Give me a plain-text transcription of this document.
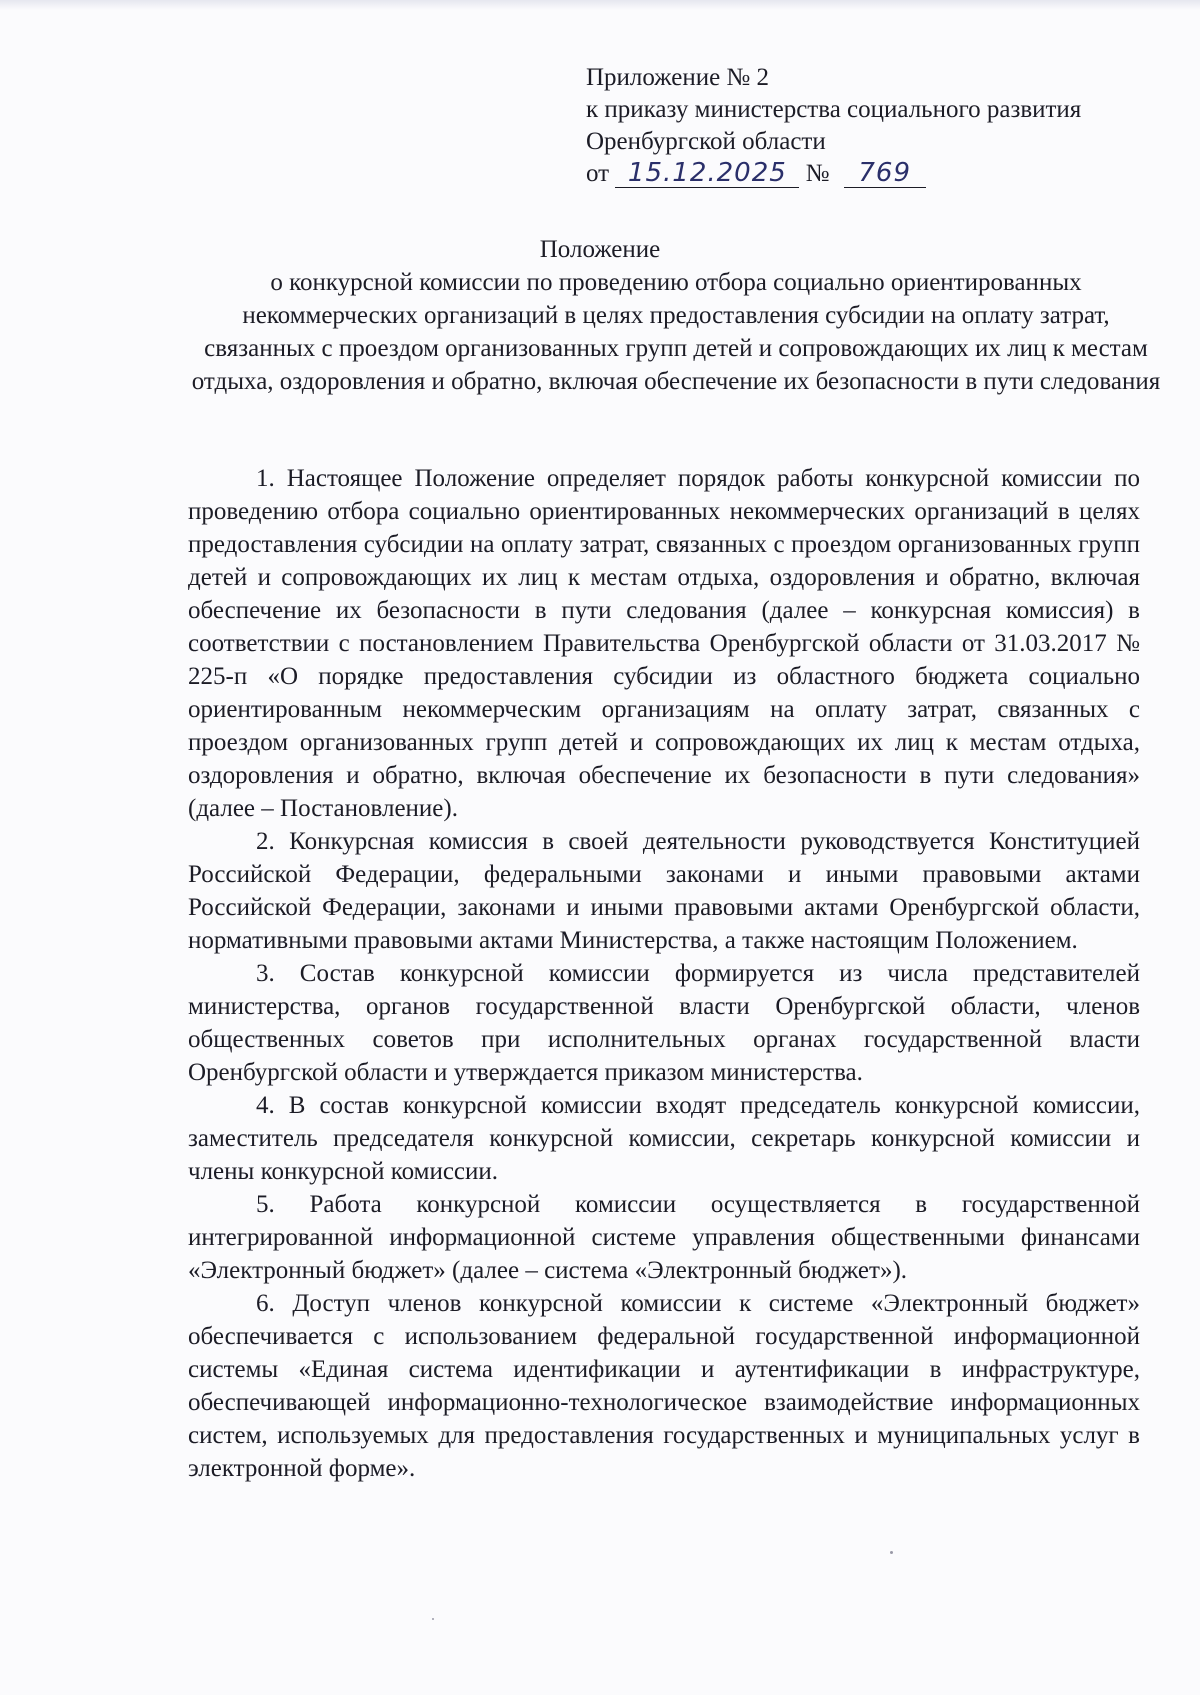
Приложение № 2
к приказу министерства социального развития
Оренбургской области
от 15.12.2025 № 769
Положение
о конкурсной комиссии по проведению отбора социально ориентированных некоммерческих организаций в целях предоставления субсидии на оплату затрат, связанных с проездом организованных групп детей и сопровождающих их лиц к местам отдыха, оздоровления и обратно, включая обеспечение их безопасности в пути следования

1. Настоящее Положение определяет порядок работы конкурсной комиссии по проведению отбора социально ориентированных некоммерческих организаций в целях предоставления субсидии на оплату затрат, связанных с проездом организованных групп детей и сопровождающих их лиц к местам отдыха, оздоровления и обратно, включая обеспечение их безопасности в пути следования (далее – конкурсная комиссия) в соответствии с постановлением Правительства Оренбургской области от 31.03.2017 № 225-п «О порядке предоставления субсидии из областного бюджета социально ориентированным некоммерческим организациям на оплату затрат, связанных с проездом организованных групп детей и сопровождающих их лиц к местам отдыха, оздоровления и обратно, включая обеспечение их безопасности в пути следования» (далее – Постановление).

2. Конкурсная комиссия в своей деятельности руководствуется Конституцией Российской Федерации, федеральными законами и иными правовыми актами Российской Федерации, законами и иными правовыми актами Оренбургской области, нормативными правовыми актами Министерства, а также настоящим Положением.

3. Состав конкурсной комиссии формируется из числа представителей министерства, органов государственной власти Оренбургской области, членов общественных советов при исполнительных органах государственной власти Оренбургской области и утверждается приказом министерства.

4. В состав конкурсной комиссии входят председатель конкурсной комиссии, заместитель председателя конкурсной комиссии, секретарь конкурсной комиссии и члены конкурсной комиссии.

5. Работа конкурсной комиссии осуществляется в государственной интегрированной информационной системе управления общественными финансами «Электронный бюджет» (далее – система «Электронный бюджет»).

6. Доступ членов конкурсной комиссии к системе «Электронный бюджет» обеспечивается с использованием федеральной государственной информационной системы «Единая система идентификации и аутентификации в инфраструктуре, обеспечивающей информационно-технологическое взаимодействие информационных систем, используемых для предоставления государственных и муниципальных услуг в электронной форме».
